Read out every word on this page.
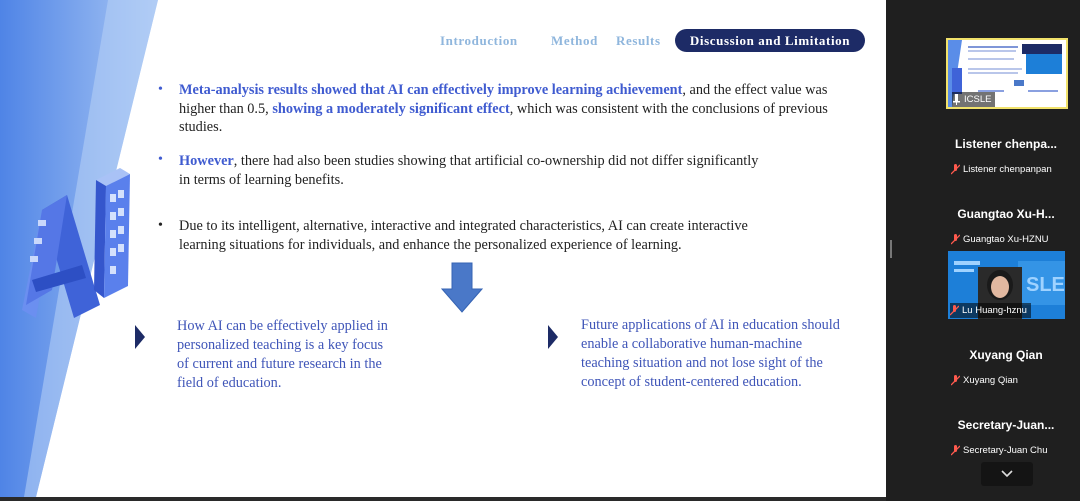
Introduction	Method Results	Discussion and Limitation
• Meta-analysis results showed that AI can effectively improve learning achievement, and the effect value was
higher than 0.5, showing a moderately significant effect, which was consistent with the conclusions of previous
studies.
• However, there had also been studies showing that artificial co-ownership did not differ significantly
in terms of learning benefits.
• Due to its intelligent, alternative, interactive and integrated characteristics, AI can create interactive
learning situations for individuals, and enhance the personalized experience of learning.
How AI can be effectively applied in
personalized teaching is a key focus
of current and future research in the
field of education.
Future applications of AI in education should
enable a collaborative human-machine
teaching situation and not lose sight of the
concept of student-centered education.
ICSLE
Listener chenpa...
Listener chenpanpan
Guangtao Xu-H...
Guangtao Xu-HZNU
SLE
Lu Huang-hznu
Xuyang Qian
Xuyang Qian
Secretary-Juan...
Secretary-Juan Chu
